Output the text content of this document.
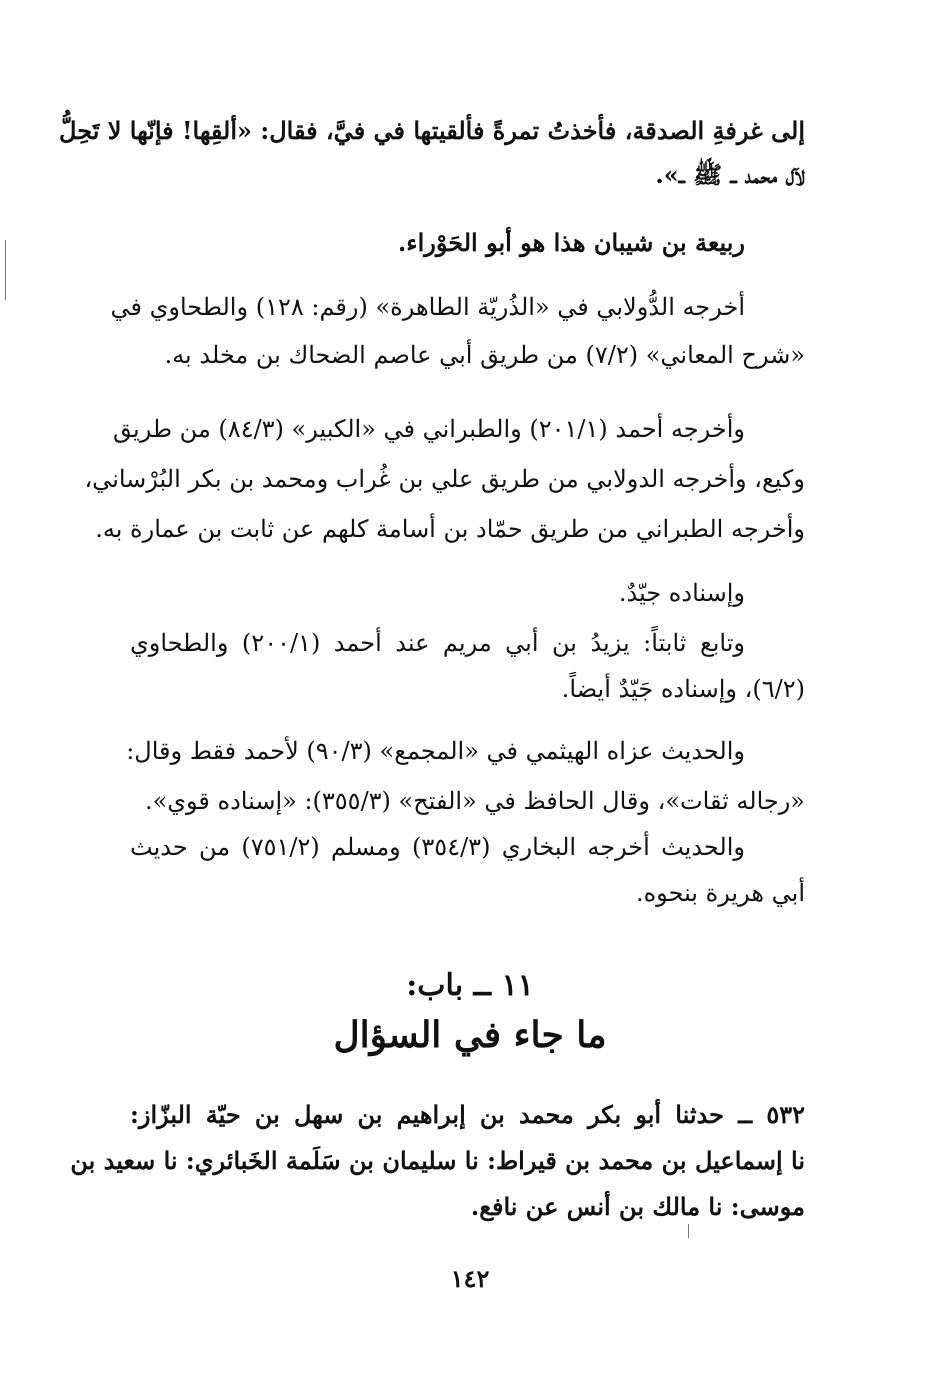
إلى غرفةِ الصدقة، فأخذتُ تمرةً فألقيتها في فيَّ، فقال: «ألقِها! فإنّها لا تَحِلُّ
لآل محمد ــ ﷺ ــ».
ربيعة بن شيبان هذا هو أبو الحَوْراء.
أخرجه الدُّولابي في «الذُريّة الطاهرة» (رقم: ١٢٨) والطحاوي في
«شرح المعاني» (٧/٢) من طريق أبي عاصم الضحاك بن مخلد به.
وأخرجه أحمد (٢٠١/١) والطبراني في «الكبير» (٨٤/٣) من طريق
وكيع، وأخرجه الدولابي من طريق علي بن غُراب ومحمد بن بكر البُرْساني،
وأخرجه الطبراني من طريق حمّاد بن أسامة كلهم عن ثابت بن عمارة به.
وإسناده جيّدٌ.
وتابع ثابتاً: يزيدُ بن أبي مريم عند أحمد (٢٠٠/١) والطحاوي
(٦/٢)، وإسناده جَيّدٌ أيضاً.
والحديث عزاه الهيثمي في «المجمع» (٩٠/٣) لأحمد فقط وقال:
«رجاله ثقات»، وقال الحافظ في «الفتح» (٣٥٥/٣): «إسناده قوي».
والحديث أخرجه البخاري (٣٥٤/٣) ومسلم (٧٥١/٢) من حديث
أبي هريرة بنحوه.
١١ ــ باب:
ما جاء في السؤال
٥٣٢ ــ حدثنا أبو بكر محمد بن إبراهيم بن سهل بن حيّة البزّاز:
نا إسماعيل بن محمد بن قيراط: نا سليمان بن سَلَمة الخَبائري: نا سعيد بن
موسى: نا مالك بن أنس عن نافع.
١٤٢
